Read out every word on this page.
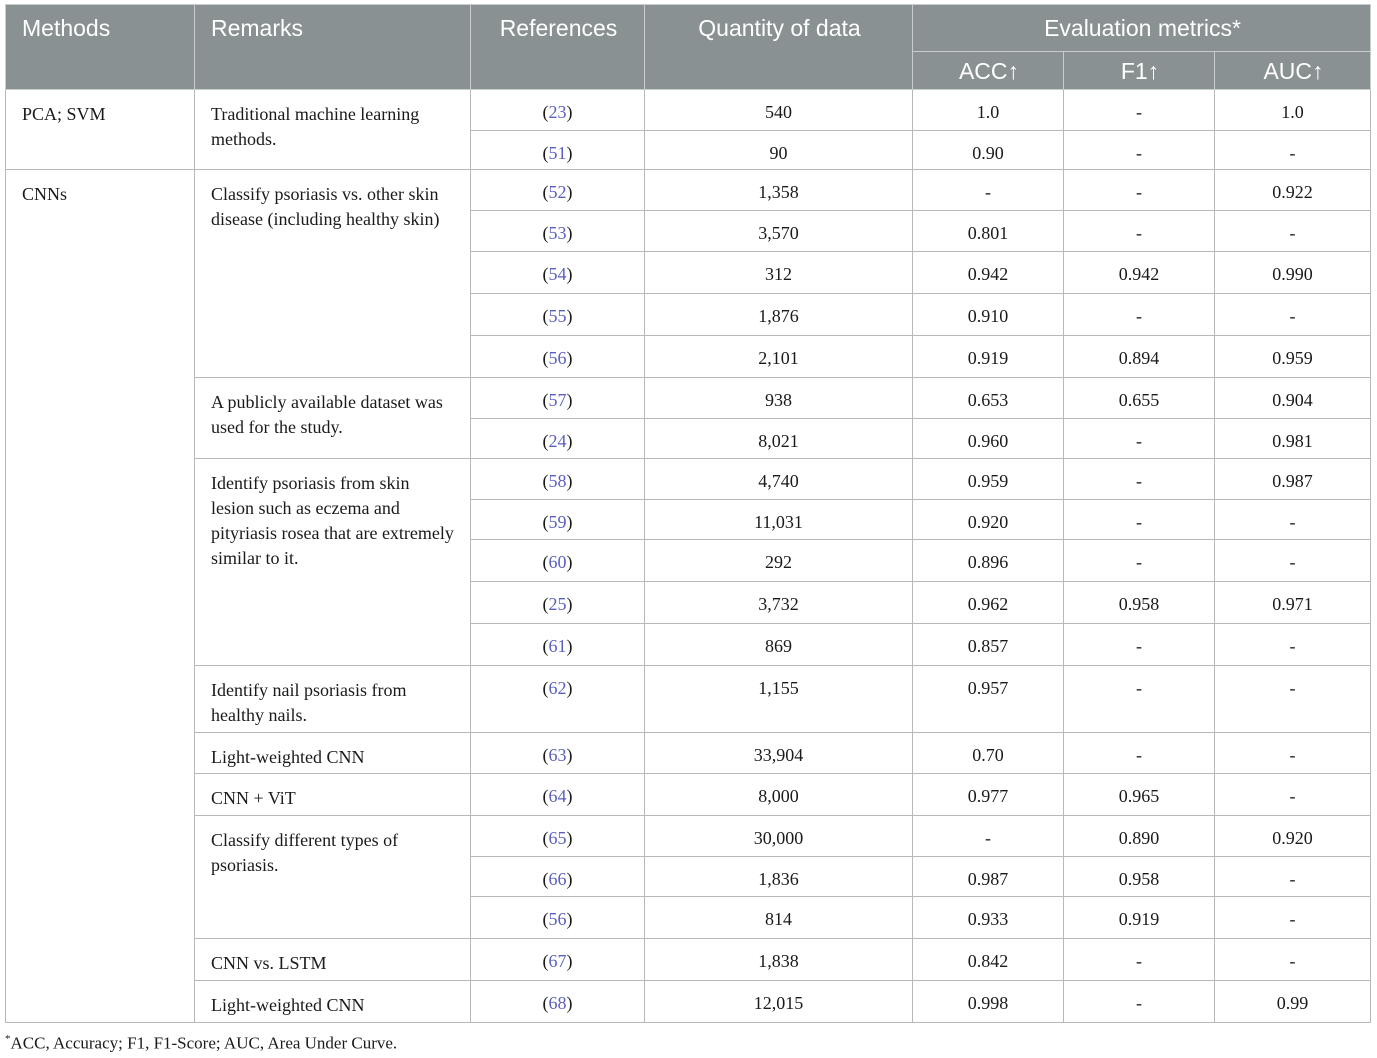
Methods	Remarks	References	Quantity of data	Evaluation metrics*		
				ACC↑	F1↑	AUC↑
PCA; SVM	Traditional machine learning methods.	(23)	540	1.0	-	1.0
		(51)	90	0.90	-	-
CNNs	Classify psoriasis vs. other skin disease (including healthy skin)	(52)	1,358	-	-	0.922
		(53)	3,570	0.801	-	-
		(54)	312	0.942	0.942	0.990
		(55)	1,876	0.910	-	-
		(56)	2,101	0.919	0.894	0.959
	A publicly available dataset was used for the study.	(57)	938	0.653	0.655	0.904
		(24)	8,021	0.960	-	0.981
	Identify psoriasis from skin lesion such as eczema and pityriasis rosea that are extremely similar to it.	(58)	4,740	0.959	-	0.987
		(59)	11,031	0.920	-	-
		(60)	292	0.896	-	-
		(25)	3,732	0.962	0.958	0.971
		(61)	869	0.857	-	-
	Identify nail psoriasis from healthy nails.	(62)	1,155	0.957	-	-
	Light-weighted CNN	(63)	33,904	0.70	-	-
	CNN + ViT	(64)	8,000	0.977	0.965	-
	Classify different types of psoriasis.	(65)	30,000	-	0.890	0.920
		(66)	1,836	0.987	0.958	-
		(56)	814	0.933	0.919	-
	CNN vs. LSTM	(67)	1,838	0.842	-	-
	Light-weighted CNN	(68)	12,015	0.998	-	0.99
*ACC, Accuracy; F1, F1-Score; AUC, Area Under Curve.
